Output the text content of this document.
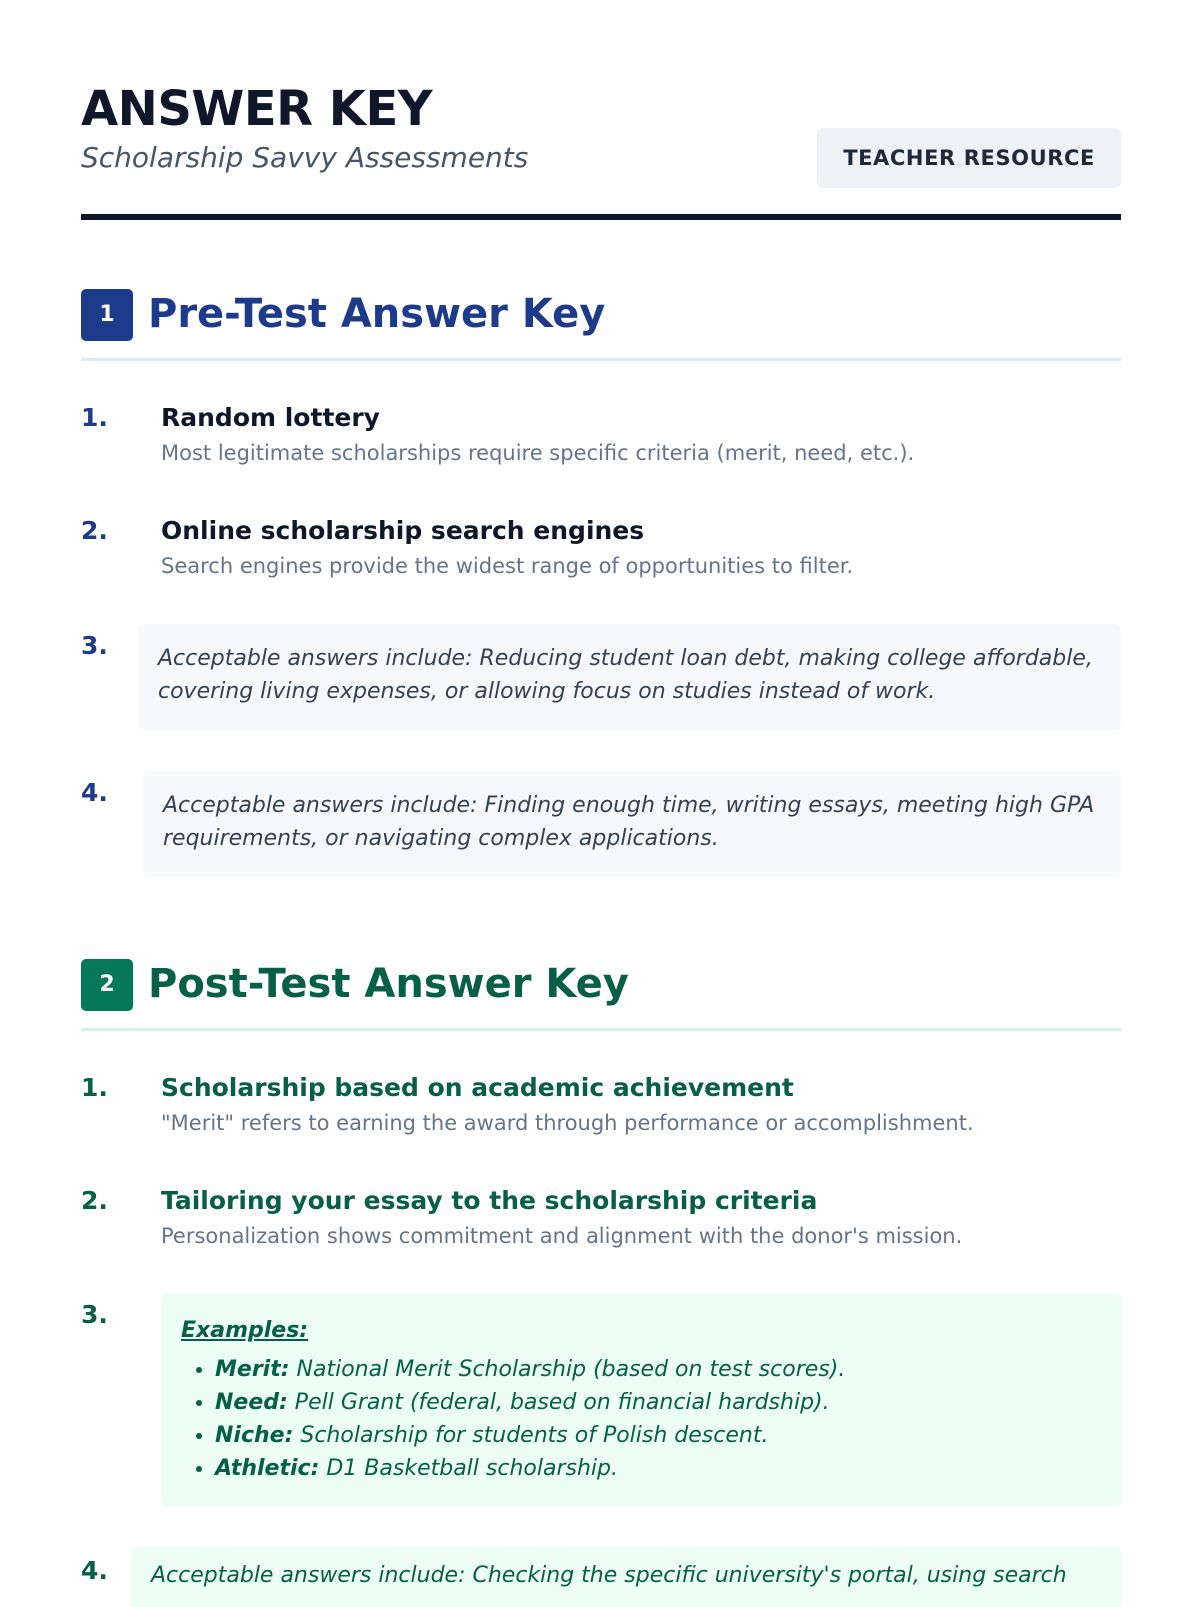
ANSWER KEY
Scholarship Savvy Assessments	TEACHER RESOURCE
1 Pre-Test Answer Key
1. Random lottery
Most legitimate scholarships require specific criteria (merit, need, etc.).
2. Online scholarship search engines
Search engines provide the widest range of opportunities to filter.
3. Acceptable answers include: Reducing student loan debt, making college affordable, covering living expenses, or allowing focus on studies instead of work.

4.	Acceptable answers include: Finding enough time, writing essays, meeting high GPA requirements, or navigating complex applications.

2 Post-Test Answer Key
1. Scholarship based on academic achievement
"Merit" refers to earning the award through performance or accomplishment.
2. Tailoring your essay to the scholarship criteria
Personalization shows commitment and alignment with the donor's mission.
3.
Examples:
• Merit: National Merit Scholarship (based on test scores).
• Need: Pell Grant (federal, based on financial hardship).
• Niche: Scholarship for students of Polish descent.
• Athletic: D1 Basketball scholarship.
4. Acceptable answers include: Checking the specific university's portal, using search
